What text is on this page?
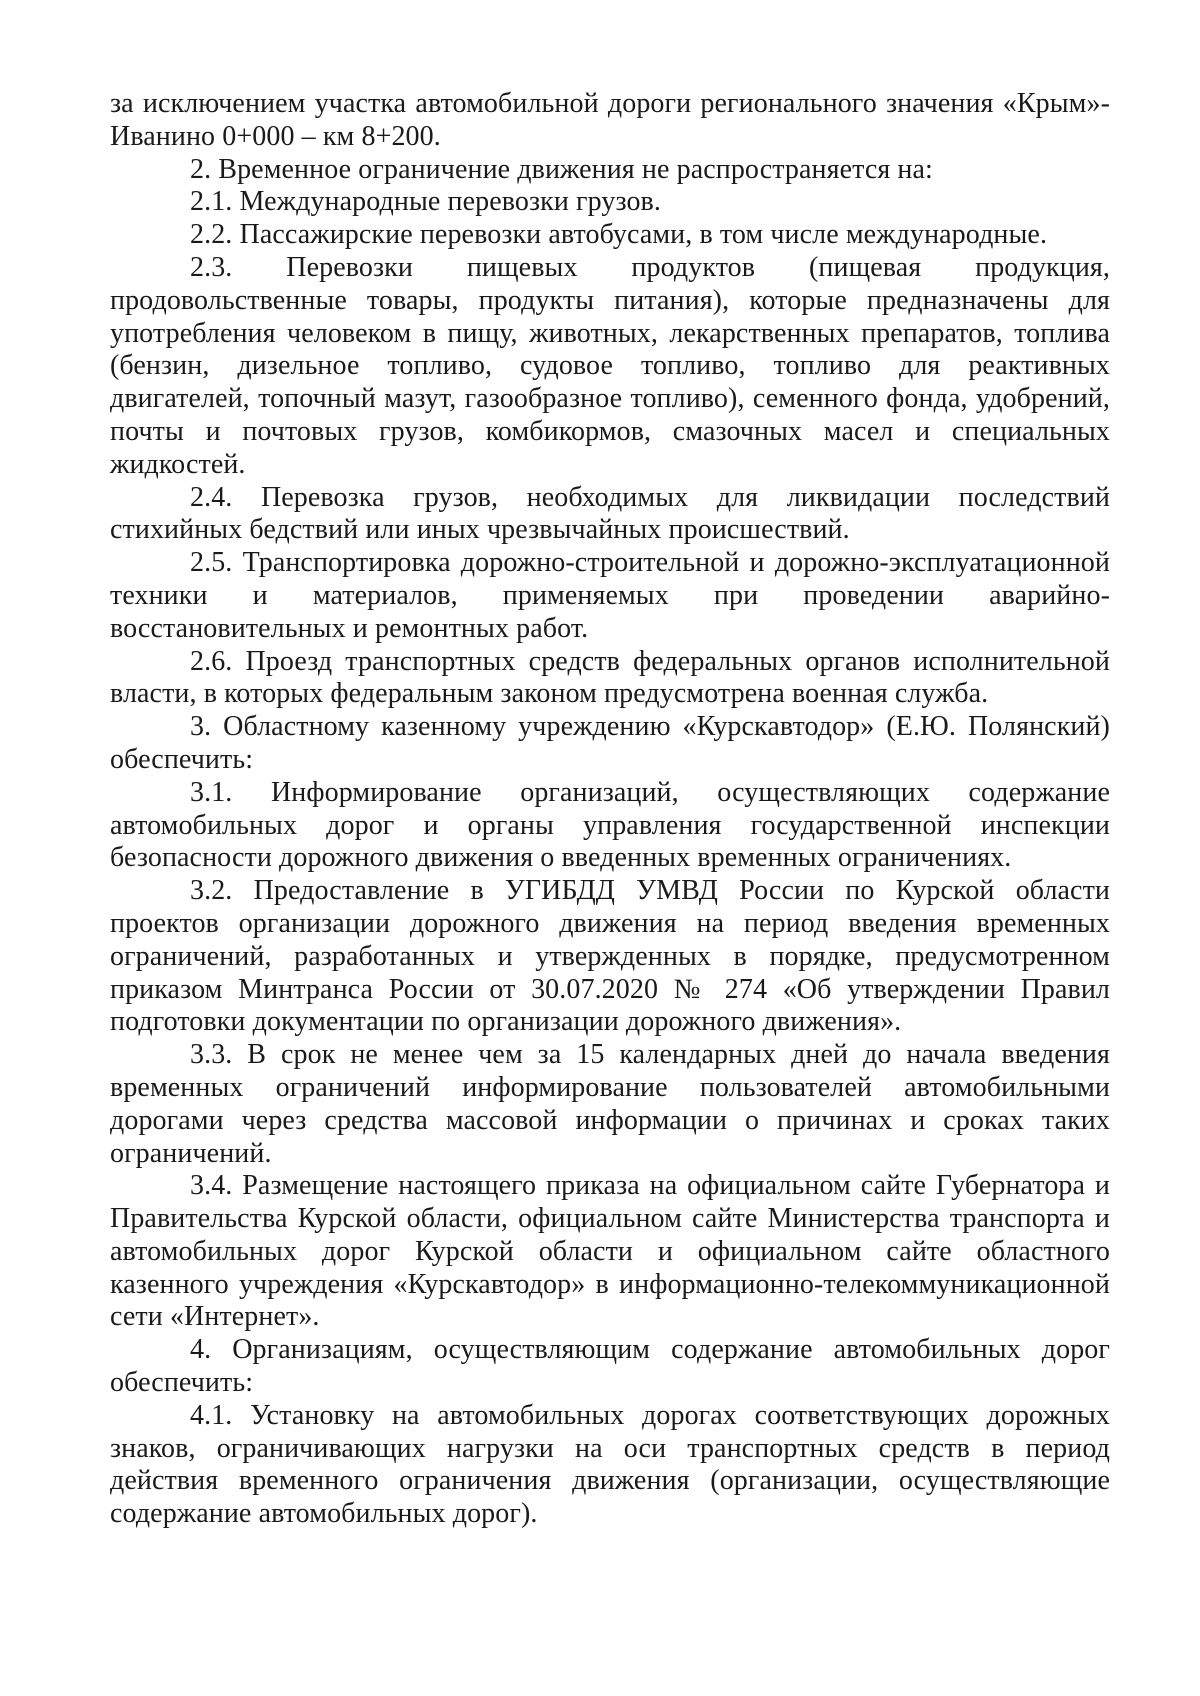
за исключением участка автомобильной дороги регионального значения «Крым»-Иванино 0+000 – км 8+200.

2. Временное ограничение движения не распространяется на:

2.1. Международные перевозки грузов.

2.2. Пассажирские перевозки автобусами, в том числе международные.

2.3. Перевозки пищевых продуктов (пищевая продукция, продовольственные товары, продукты питания), которые предназначены для употребления человеком в пищу, животных, лекарственных препаратов, топлива (бензин, дизельное топливо, судовое топливо, топливо для реактивных двигателей, топочный мазут, газообразное топливо), семенного фонда, удобрений, почты и почтовых грузов, комбикормов, смазочных масел и специальных жидкостей.

2.4. Перевозка грузов, необходимых для ликвидации последствий стихийных бедствий или иных чрезвычайных происшествий.

2.5. Транспортировка дорожно-строительной и дорожно-эксплуатационной техники и материалов, применяемых при проведении аварийно-восстановительных и ремонтных работ.

2.6. Проезд транспортных средств федеральных органов исполнительной власти, в которых федеральным законом предусмотрена военная служба.

3. Областному казенному учреждению «Курскавтодор» (Е.Ю. Полянский) обеспечить:

3.1. Информирование организаций, осуществляющих содержание автомобильных дорог и органы управления государственной инспекции безопасности дорожного движения о введенных временных ограничениях.

3.2. Предоставление в УГИБДД УМВД России по Курской области проектов организации дорожного движения на период введения временных ограничений, разработанных и утвержденных в порядке, предусмотренном приказом Минтранса России от 30.07.2020 № 274 «Об утверждении Правил подготовки документации по организации дорожного движения».

3.3. В срок не менее чем за 15 календарных дней до начала введения временных ограничений информирование пользователей автомобильными дорогами через средства массовой информации о причинах и сроках таких ограничений.

3.4. Размещение настоящего приказа на официальном сайте Губернатора и Правительства Курской области, официальном сайте Министерства транспорта и автомобильных дорог Курской области и официальном сайте областного казенного учреждения «Курскавтодор» в информационно-телекоммуникационной сети «Интернет».

4. Организациям, осуществляющим содержание автомобильных дорог обеспечить:

4.1. Установку на автомобильных дорогах соответствующих дорожных знаков, ограничивающих нагрузки на оси транспортных средств в период действия временного ограничения движения (организации, осуществляющие содержание автомобильных дорог).
